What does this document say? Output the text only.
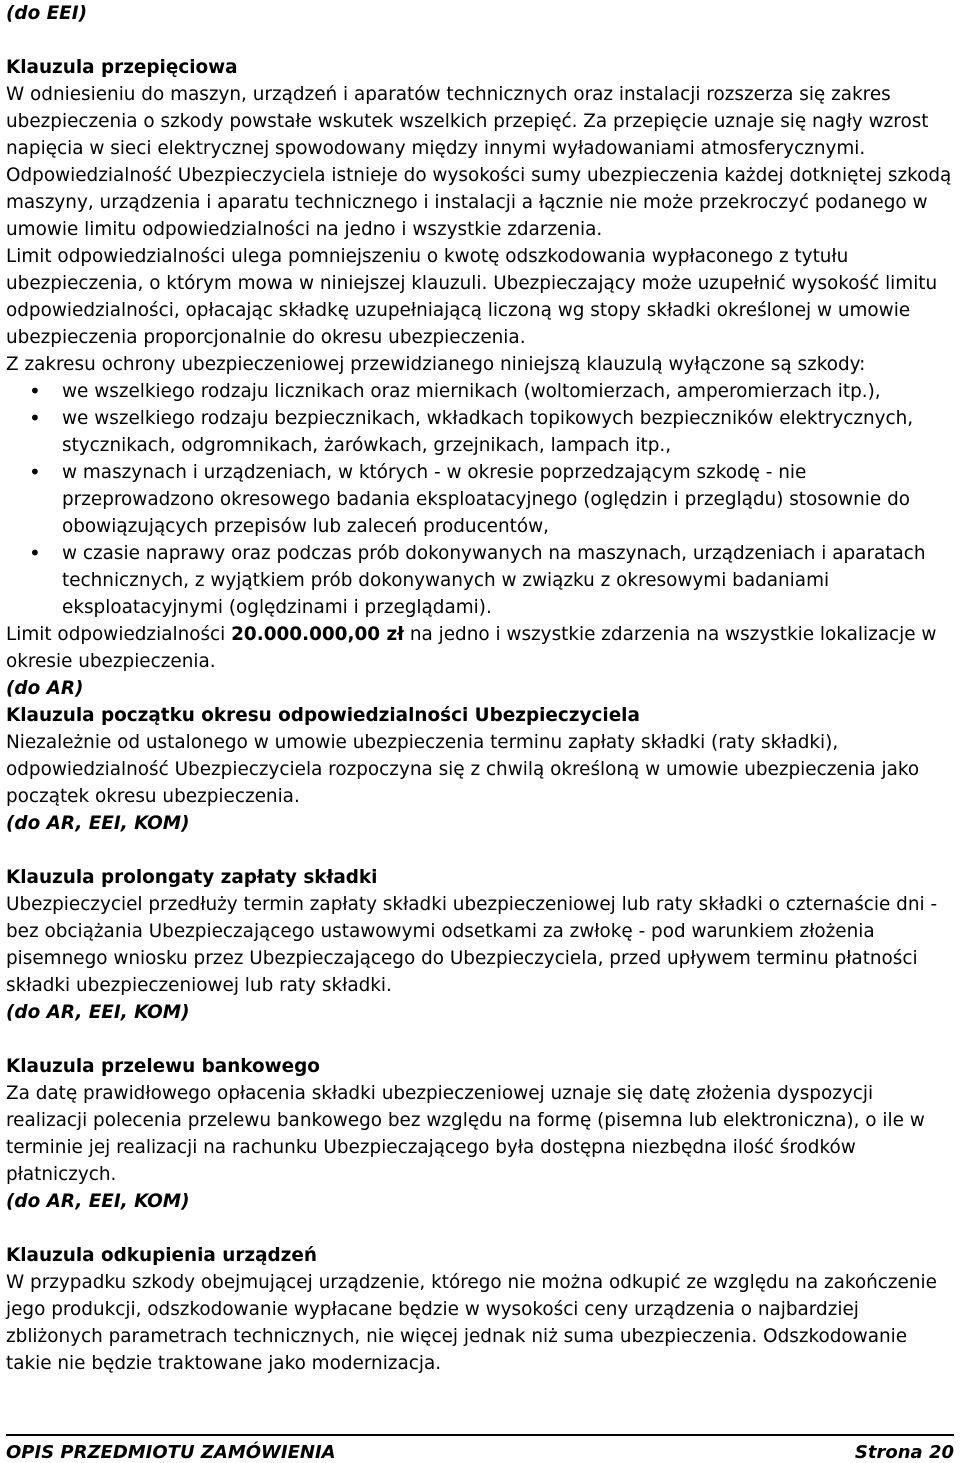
(do EEI)

Klauzula przepięciowa

W odniesieniu do maszyn, urządzeń i aparatów technicznych oraz instalacji rozszerza się zakres ubezpieczenia o szkody powstałe wskutek wszelkich przepięć. Za przepięcie uznaje się nagły wzrost napięcia w sieci elektrycznej spowodowany między innymi wyładowaniami atmosferycznymi.

Odpowiedzialność Ubezpieczyciela istnieje do wysokości sumy ubezpieczenia każdej dotkniętej szkodą maszyny, urządzenia i aparatu technicznego i instalacji a łącznie nie może przekroczyć podanego w umowie limitu odpowiedzialności na jedno i wszystkie zdarzenia.

Limit odpowiedzialności ulega pomniejszeniu o kwotę odszkodowania wypłaconego z tytułu ubezpieczenia, o którym mowa w niniejszej klauzuli. Ubezpieczający może uzupełnić wysokość limitu odpowiedzialności, opłacając składkę uzupełniającą liczoną wg stopy składki określonej w umowie ubezpieczenia proporcjonalnie do okresu ubezpieczenia.

Z zakresu ochrony ubezpieczeniowej przewidzianego niniejszą klauzulą wyłączone są szkody:

• we wszelkiego rodzaju licznikach oraz miernikach (woltomierzach, amperomierzach itp.),
• we wszelkiego rodzaju bezpiecznikach, wkładkach topikowych bezpieczników elektrycznych, stycznikach, odgromnikach, żarówkach, grzejnikach, lampach itp.,
• w maszynach i urządzeniach, w których - w okresie poprzedzającym szkodę - nie przeprowadzono okresowego badania eksploatacyjnego (oględzin i przeglądu) stosownie do obowiązujących przepisów lub zaleceń producentów,
• w czasie naprawy oraz podczas prób dokonywanych na maszynach, urządzeniach i aparatach technicznych, z wyjątkiem prób dokonywanych w związku z okresowymi badaniami eksploatacyjnymi (oględzinami i przeglądami).

Limit odpowiedzialności 20.000.000,00 zł na jedno i wszystkie zdarzenia na wszystkie lokalizacje w okresie ubezpieczenia.

(do AR)

Klauzula początku okresu odpowiedzialności Ubezpieczyciela

Niezależnie od ustalonego w umowie ubezpieczenia terminu zapłaty składki (raty składki), odpowiedzialność Ubezpieczyciela rozpoczyna się z chwilą określoną w umowie ubezpieczenia jako początek okresu ubezpieczenia.

(do AR, EEI, KOM)

Klauzula prolongaty zapłaty składki

Ubezpieczyciel przedłuży termin zapłaty składki ubezpieczeniowej lub raty składki o czternaście dni - bez obciążania Ubezpieczającego ustawowymi odsetkami za zwłokę - pod warunkiem złożenia pisemnego wniosku przez Ubezpieczającego do Ubezpieczyciela, przed upływem terminu płatności składki ubezpieczeniowej lub raty składki.

(do AR, EEI, KOM)

Klauzula przelewu bankowego

Za datę prawidłowego opłacenia składki ubezpieczeniowej uznaje się datę złożenia dyspozycji realizacji polecenia przelewu bankowego bez względu na formę (pisemna lub elektroniczna), o ile w terminie jej realizacji na rachunku Ubezpieczającego była dostępna niezbędna ilość środków płatniczych.

(do AR, EEI, KOM)

Klauzula odkupienia urządzeń

W przypadku szkody obejmującej urządzenie, którego nie można odkupić ze względu na zakończenie jego produkcji, odszkodowanie wypłacane będzie w wysokości ceny urządzenia o najbardziej zbliżonych parametrach technicznych, nie więcej jednak niż suma ubezpieczenia. Odszkodowanie takie nie będzie traktowane jako modernizacja.

OPIS PRZEDMIOTU ZAMÓWIENIA	Strona 20
